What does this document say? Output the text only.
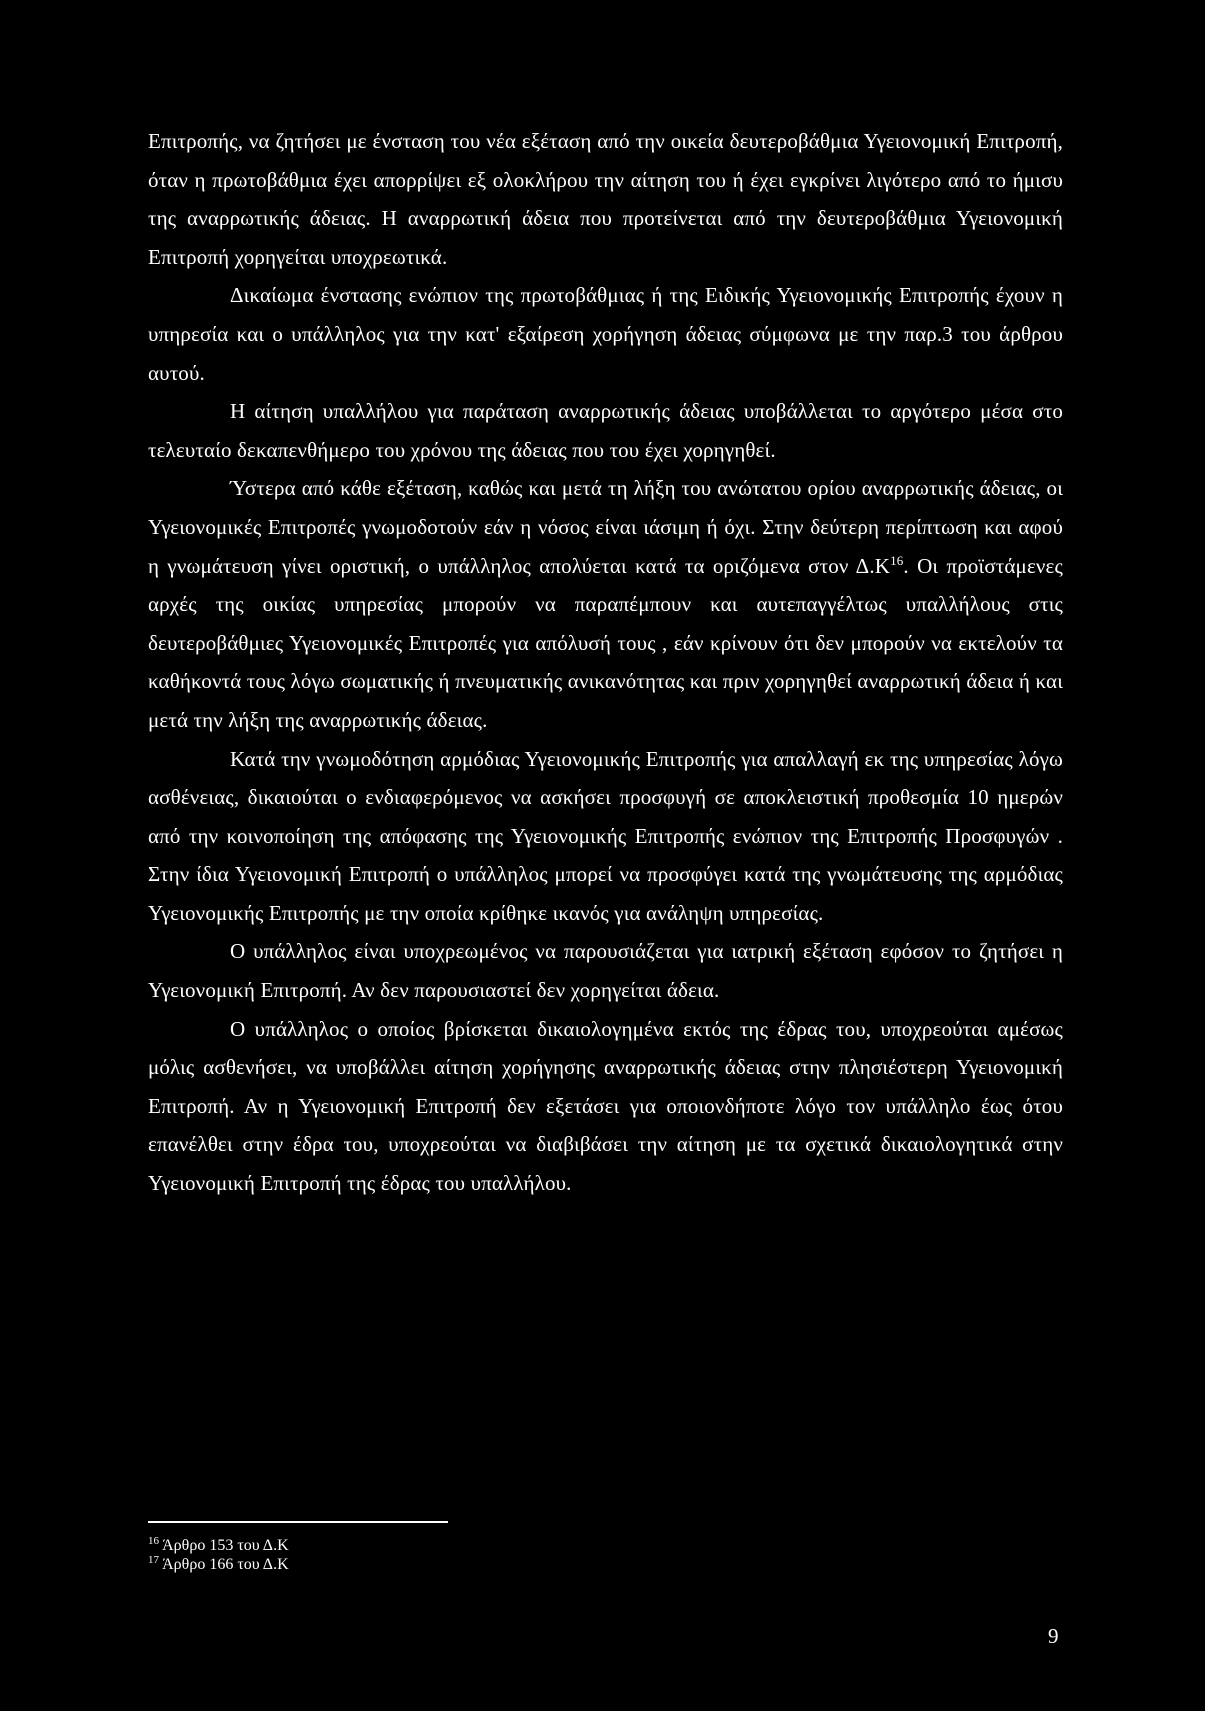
Επιτροπής, να ζητήσει με ένσταση του νέα εξέταση από την οικεία δευτεροβάθμια Υγειονομική Επιτροπή, όταν η πρωτοβάθμια έχει απορρίψει εξ ολοκλήρου την αίτηση του ή έχει εγκρίνει λιγότερο από το ήμισυ της αναρρωτικής άδειας. Η αναρρωτική άδεια που προτείνεται από την δευτεροβάθμια Υγειονομική Επιτροπή χορηγείται υποχρεωτικά.

Δικαίωμα ένστασης ενώπιον της πρωτοβάθμιας ή της Ειδικής Υγειονομικής Επιτροπής έχουν η υπηρεσία και ο υπάλληλος για την κατ' εξαίρεση χορήγηση άδειας σύμφωνα με την παρ.3 του άρθρου αυτού.

Η αίτηση υπαλλήλου για παράταση αναρρωτικής άδειας υποβάλλεται το αργότερο μέσα στο τελευταίο δεκαπενθήμερο του χρόνου της άδειας που του έχει χορηγηθεί.

Ύστερα από κάθε εξέταση, καθώς και μετά τη λήξη του ανώτατου ορίου αναρρωτικής άδειας, οι Υγειονομικές Επιτροπές γνωμοδοτούν εάν η νόσος είναι ιάσιμη ή όχι. Στην δεύτερη περίπτωση και αφού η γνωμάτευση γίνει οριστική, ο υπάλληλος απολύεται κατά τα οριζόμενα στον $\Delta.K^{16}$. Οι προϊστάμενες αρχές της οικίας υπηρεσίας μπορούν να παραπέμπουν και αυτεπαγγέλτως υπαλλήλους στις δευτεροβάθμιες Υγειονομικές Επιτροπές για απόλυσή τους , εάν κρίνουν ότι δεν μπορούν να εκτελούν τα καθήκοντά τους λόγω σωματικής ή πνευματικής ανικανότητας και πριν χορηγηθεί αναρρωτική άδεια ή και μετά την λήξη της αναρρωτικής άδειας.

Κατά την γνωμοδότηση αρμόδιας Υγειονομικής Επιτροπής για απαλλαγή εκ της υπηρεσίας λόγω ασθένειας, δικαιούται ο ενδιαφερόμενος να ασκήσει προσφυγή σε αποκλειστική προθεσμία 10 ημερών από την κοινοποίηση της απόφασης της Υγειονομικής Επιτροπής ενώπιον της Επιτροπής Προσφυγών . Στην ίδια Υγειονομική Επιτροπή ο υπάλληλος μπορεί να προσφύγει κατά της γνωμάτευσης της αρμόδιας Υγειονομικής Επιτροπής με την οποία κρίθηκε ικανός για ανάληψη υπηρεσίας.

Ο υπάλληλος είναι υποχρεωμένος να παρουσιάζεται για ιατρική εξέταση εφόσον το ζητήσει η Υγειονομική Επιτροπή. Αν δεν παρουσιαστεί δεν χορηγείται άδεια.

Ο υπάλληλος ο οποίος βρίσκεται δικαιολογημένα εκτός της έδρας του, υποχρεούται αμέσως μόλις ασθενήσει, να υποβάλλει αίτηση χορήγησης αναρρωτικής άδειας στην πλησιέστερη Υγειονομική Επιτροπή. Αν η Υγειονομική Επιτροπή δεν εξετάσει για οποιονδήποτε λόγο τον υπάλληλο έως ότου επανέλθει στην έδρα του, υποχρεούται να διαβιβάσει την αίτηση με τα σχετικά δικαιολογητικά στην Υγειονομική Επιτροπή της έδρας του υπαλλήλου.

$^{16}$ Άρθρο 153 του Δ.Κ
$^{17}$ Άρθρο 166 του Δ.Κ
9
